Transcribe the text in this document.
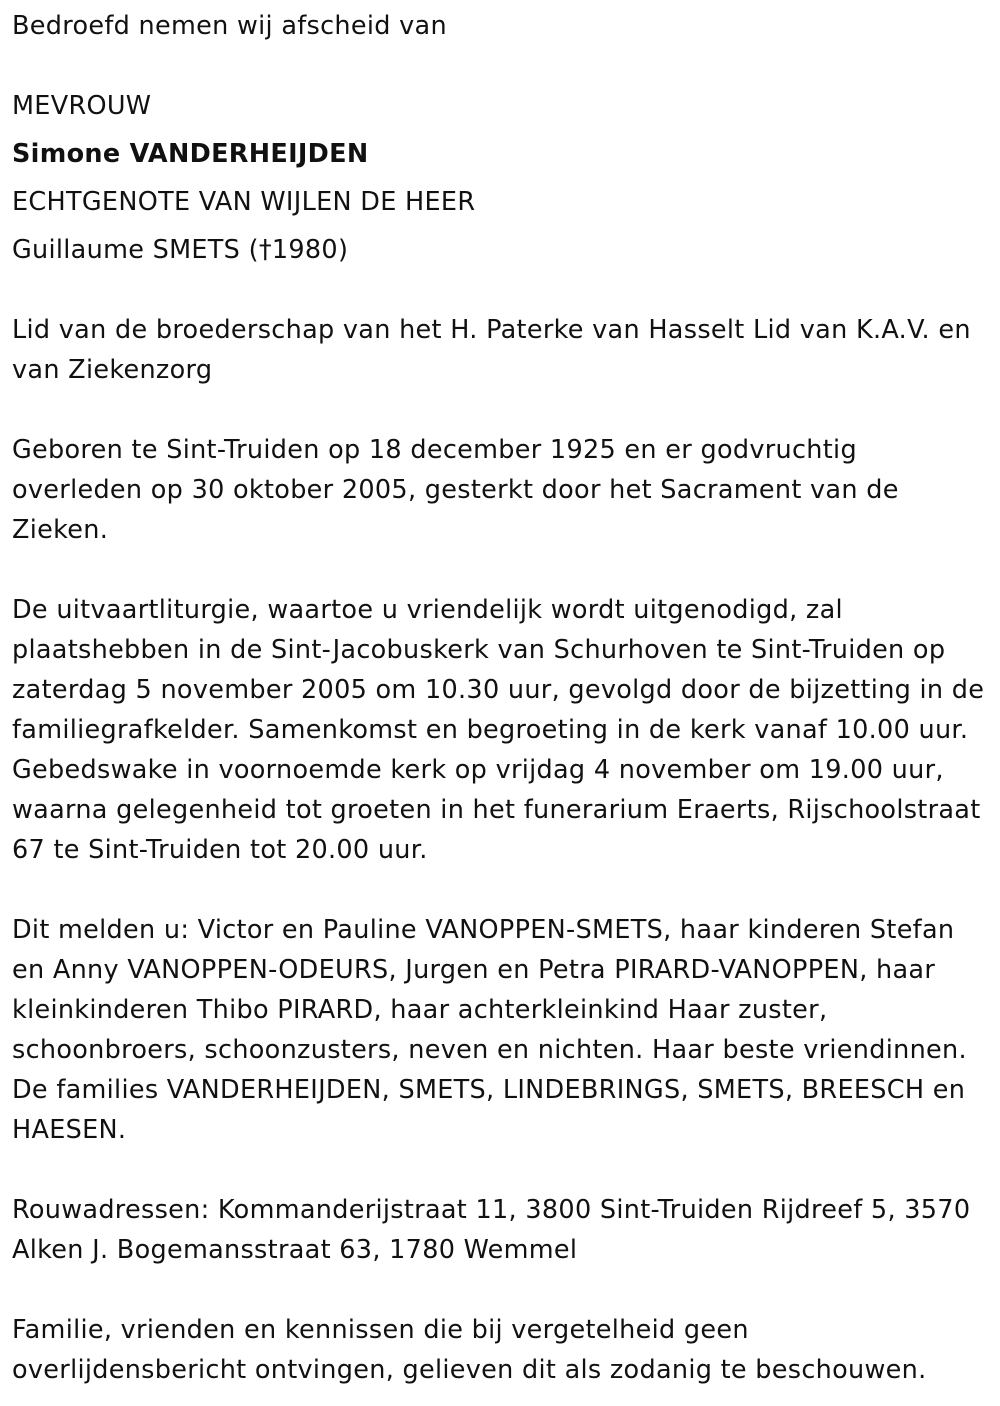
Bedroefd nemen wij afscheid van

MEVROUW

Simone VANDERHEIJDEN

ECHTGENOTE VAN WIJLEN DE HEER

Guillaume SMETS (†1980)

Lid van de broederschap van het H. Paterke van Hasselt Lid van K.A.V. en van Ziekenzorg

Geboren te Sint-Truiden op 18 december 1925 en er godvruchtig overleden op 30 oktober 2005, gesterkt door het Sacrament van de Zieken.

De uitvaartliturgie, waartoe u vriendelijk wordt uitgenodigd, zal plaatshebben in de Sint-Jacobuskerk van Schurhoven te Sint-Truiden op zaterdag 5 november 2005 om 10.30 uur, gevolgd door de bijzetting in de familiegrafkelder. Samenkomst en begroeting in de kerk vanaf 10.00 uur. Gebedswake in voornoemde kerk op vrijdag 4 november om 19.00 uur, waarna gelegenheid tot groeten in het funerarium Eraerts, Rijschoolstraat 67 te Sint-Truiden tot 20.00 uur.

Dit melden u: Victor en Pauline VANOPPEN-SMETS, haar kinderen Stefan en Anny VANOPPEN-ODEURS, Jurgen en Petra PIRARD-VANOPPEN, haar kleinkinderen Thibo PIRARD, haar achterkleinkind Haar zuster, schoonbroers, schoonzusters, neven en nichten. Haar beste vriendinnen. De families VANDERHEIJDEN, SMETS, LINDEBRINGS, SMETS, BREESCH en HAESEN.

Rouwadressen: Kommanderijstraat 11, 3800 Sint-Truiden Rijdreef 5, 3570 Alken J. Bogemansstraat 63, 1780 Wemmel

Familie, vrienden en kennissen die bij vergetelheid geen overlijdensbericht ontvingen, gelieven dit als zodanig te beschouwen.
